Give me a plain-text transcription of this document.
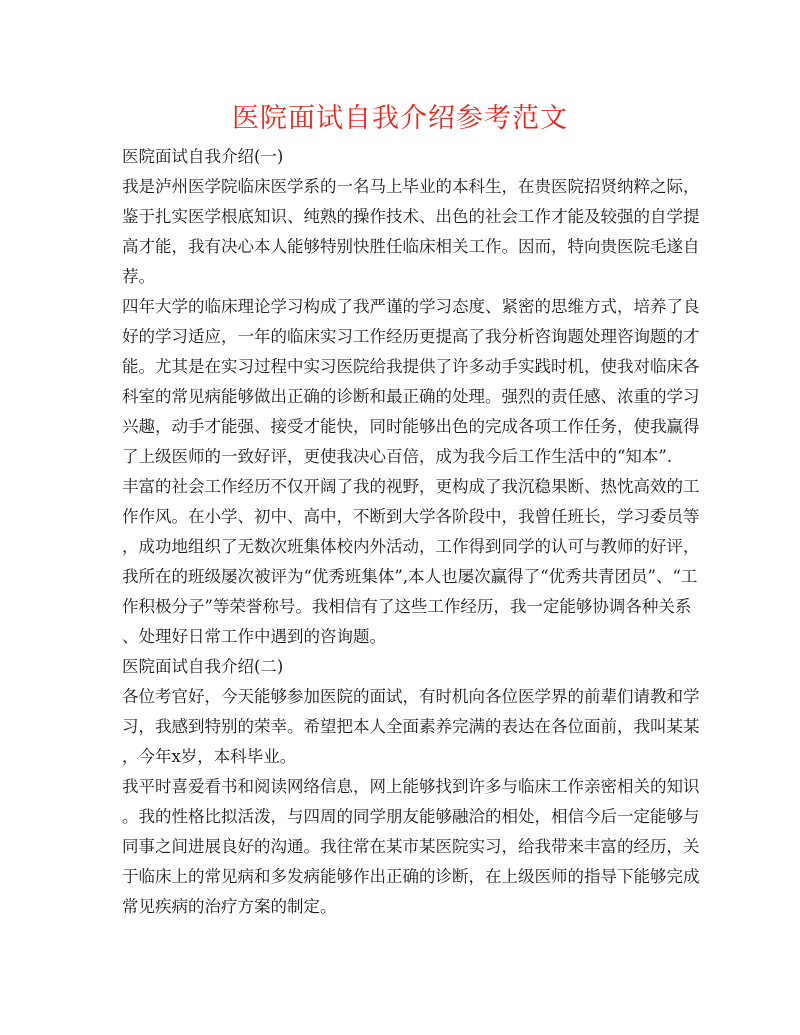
医院面试自我介绍参考范文

医院面试自我介绍(一)

我是泸州医学院临床医学系的一名马上毕业的本科生，在贵医院招贤纳粹之际，

鉴于扎实医学根底知识、纯熟的操作技术、出色的社会工作才能及较强的自学提

高才能，我有决心本人能够特别快胜任临床相关工作。因而，特向贵医院毛遂自

荐。

四年大学的临床理论学习构成了我严谨的学习态度、紧密的思维方式，培养了良

好的学习适应，一年的临床实习工作经历更提高了我分析咨询题处理咨询题的才

能。尤其是在实习过程中实习医院给我提供了许多动手实践时机，使我对临床各

科室的常见病能够做出正确的诊断和最正确的处理。强烈的责任感、浓重的学习

兴趣，动手才能强、接受才能快，同时能够出色的完成各项工作任务，使我赢得

了上级医师的一致好评，更使我决心百倍，成为我今后工作生活中的“知本”.

丰富的社会工作经历不仅开阔了我的视野，更构成了我沉稳果断、热忱高效的工

作作风。在小学、初中、高中，不断到大学各阶段中，我曾任班长，学习委员等

，成功地组织了无数次班集体校内外活动，工作得到同学的认可与教师的好评，

我所在的班级屡次被评为“优秀班集体”,本人也屡次赢得了“优秀共青团员”、“工

作积极分子”等荣誉称号。我相信有了这些工作经历，我一定能够协调各种关系

、处理好日常工作中遇到的咨询题。

医院面试自我介绍(二)

各位考官好，今天能够参加医院的面试，有时机向各位医学界的前辈们请教和学

习，我感到特别的荣幸。希望把本人全面素养完满的表达在各位面前，我叫某某

，今年x岁，本科毕业。

我平时喜爱看书和阅读网络信息，网上能够找到许多与临床工作亲密相关的知识

。我的性格比拟活泼，与四周的同学朋友能够融洽的相处，相信今后一定能够与

同事之间进展良好的沟通。我往常在某市某医院实习，给我带来丰富的经历，关

于临床上的常见病和多发病能够作出正确的诊断，在上级医师的指导下能够完成

常见疾病的治疗方案的制定。
